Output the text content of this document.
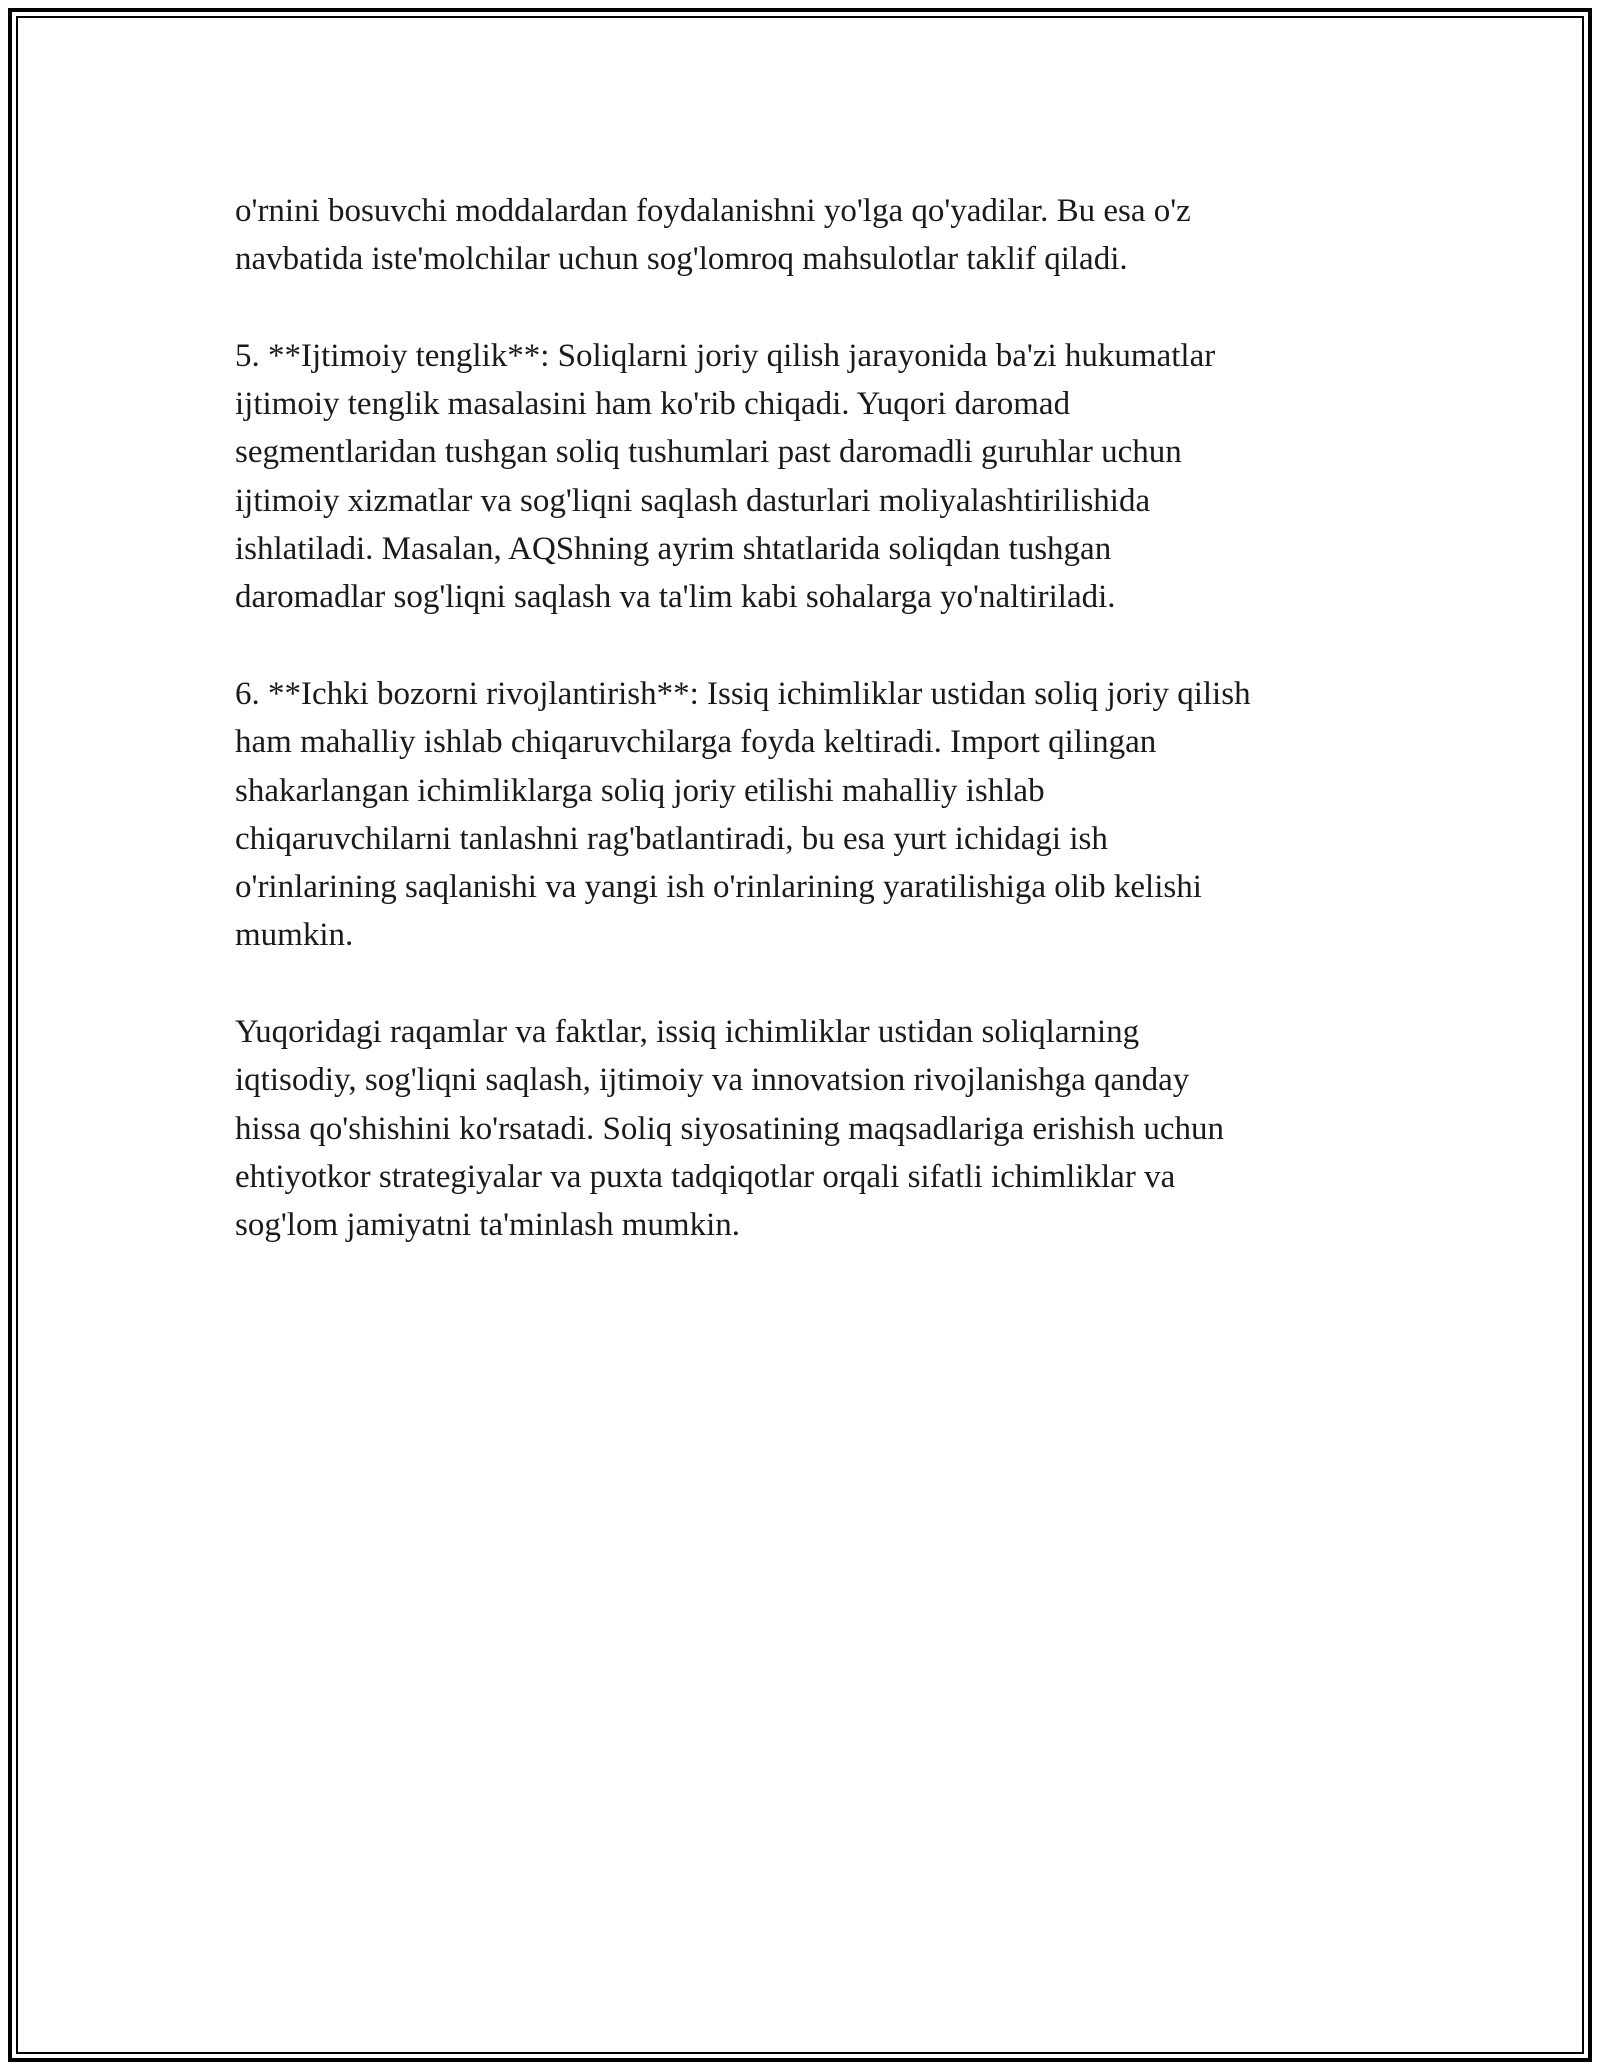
o'rnini bosuvchi moddalardan foydalanishni yo'lga qo'yadilar. Bu esa o'z
navbatida iste'molchilar uchun sog'lomroq mahsulotlar taklif qiladi.

5. **Ijtimoiy tenglik**: Soliqlarni joriy qilish jarayonida ba'zi hukumatlar
ijtimoiy tenglik masalasini ham ko'rib chiqadi. Yuqori daromad
segmentlaridan tushgan soliq tushumlari past daromadli guruhlar uchun
ijtimoiy xizmatlar va sog'liqni saqlash dasturlari moliyalashtirilishida
ishlatiladi. Masalan, AQShning ayrim shtatlarida soliqdan tushgan
daromadlar sog'liqni saqlash va ta'lim kabi sohalarga yo'naltiriladi.

6. **Ichki bozorni rivojlantirish**: Issiq ichimliklar ustidan soliq joriy qilish
ham mahalliy ishlab chiqaruvchilarga foyda keltiradi. Import qilingan
shakarlangan ichimliklarga soliq joriy etilishi mahalliy ishlab
chiqaruvchilarni tanlashni rag'batlantiradi, bu esa yurt ichidagi ish
o'rinlarining saqlanishi va yangi ish o'rinlarining yaratilishiga olib kelishi
mumkin.

Yuqoridagi raqamlar va faktlar, issiq ichimliklar ustidan soliqlarning
iqtisodiy, sog'liqni saqlash, ijtimoiy va innovatsion rivojlanishga qanday
hissa qo'shishini ko'rsatadi. Soliq siyosatining maqsadlariga erishish uchun
ehtiyotkor strategiyalar va puxta tadqiqotlar orqali sifatli ichimliklar va
sog'lom jamiyatni ta'minlash mumkin.
